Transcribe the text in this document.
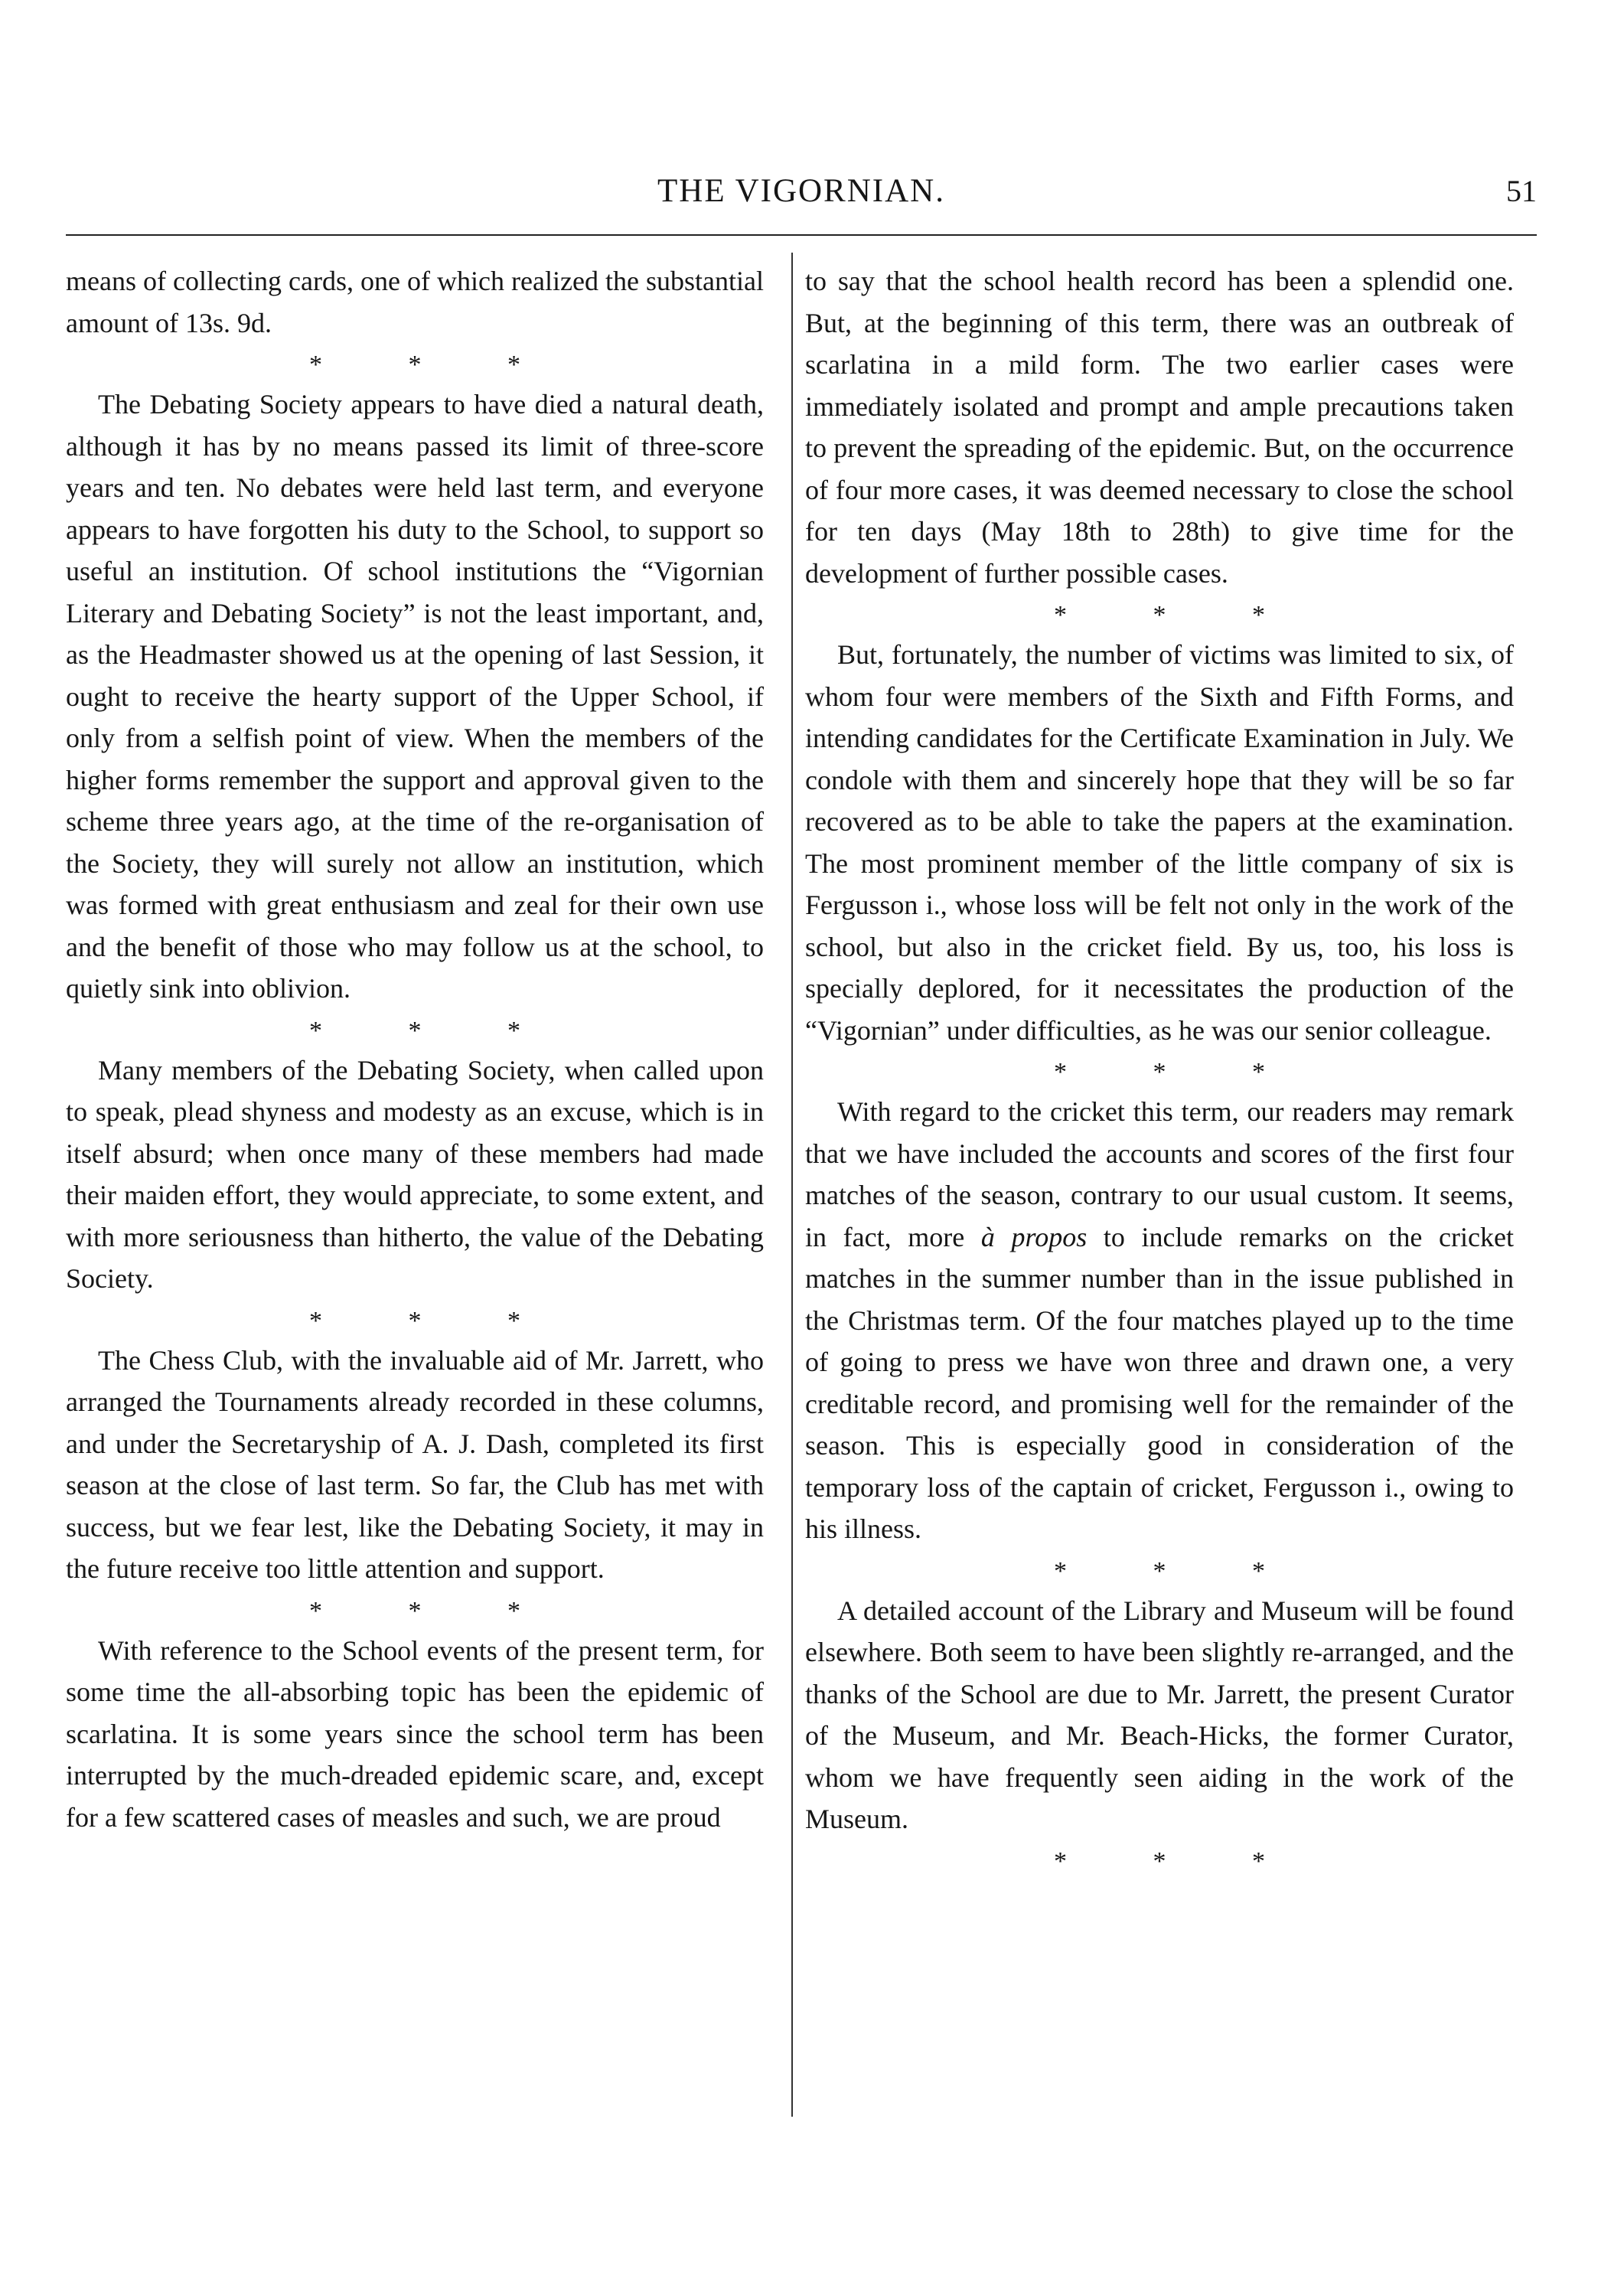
THE VIGORNIAN.	51

means of collecting cards, one of which realized the substantial amount of 13s. 9d.

* * *

The Debating Society appears to have died a natural death, although it has by no means passed its limit of three-score years and ten. No debates were held last term, and everyone appears to have forgotten his duty to the School, to support so useful an institution. Of school institutions the “Vigornian Literary and Debating Society” is not the least important, and, as the Headmaster showed us at the opening of last Session, it ought to receive the hearty support of the Upper School, if only from a selfish point of view. When the members of the higher forms remember the support and approval given to the scheme three years ago, at the time of the re-organisation of the Society, they will surely not allow an institution, which was formed with great enthusiasm and zeal for their own use and the benefit of those who may follow us at the school, to quietly sink into oblivion.

* * *

Many members of the Debating Society, when called upon to speak, plead shyness and modesty as an excuse, which is in itself absurd; when once many of these members had made their maiden effort, they would appreciate, to some extent, and with more seriousness than hitherto, the value of the Debating Society.

* * *

The Chess Club, with the invaluable aid of Mr. Jarrett, who arranged the Tournaments already recorded in these columns, and under the Secretaryship of A. J. Dash, completed its first season at the close of last term. So far, the Club has met with success, but we fear lest, like the Debating Society, it may in the future receive too little attention and support.

* * *

With reference to the School events of the present term, for some time the all-absorbing topic has been the epidemic of scarlatina. It is some years since the school term has been interrupted by the much-dreaded epidemic scare, and, except for a few scattered cases of measles and such, we are proud

to say that the school health record has been a splendid one. But, at the beginning of this term, there was an outbreak of scarlatina in a mild form. The two earlier cases were immediately isolated and prompt and ample precautions taken to prevent the spreading of the epidemic. But, on the occurrence of four more cases, it was deemed necessary to close the school for ten days (May 18th to 28th) to give time for the development of further possible cases.

* * *

But, fortunately, the number of victims was limited to six, of whom four were members of the Sixth and Fifth Forms, and intending candidates for the Certificate Examination in July. We condole with them and sincerely hope that they will be so far recovered as to be able to take the papers at the examination. The most prominent member of the little company of six is Fergusson i., whose loss will be felt not only in the work of the school, but also in the cricket field. By us, too, his loss is specially deplored, for it necessitates the production of the “Vigornian” under difficulties, as he was our senior colleague.

* * *

With regard to the cricket this term, our readers may remark that we have included the accounts and scores of the first four matches of the season, contrary to our usual custom. It seems, in fact, more à propos to include remarks on the cricket matches in the summer number than in the issue published in the Christmas term. Of the four matches played up to the time of going to press we have won three and drawn one, a very creditable record, and promising well for the remainder of the season. This is especially good in consideration of the temporary loss of the captain of cricket, Fergusson i., owing to his illness.

* * *

A detailed account of the Library and Museum will be found elsewhere. Both seem to have been slightly re-arranged, and the thanks of the School are due to Mr. Jarrett, the present Curator of the Museum, and Mr. Beach-Hicks, the former Curator, whom we have frequently seen aiding in the work of the Museum.

* * *
